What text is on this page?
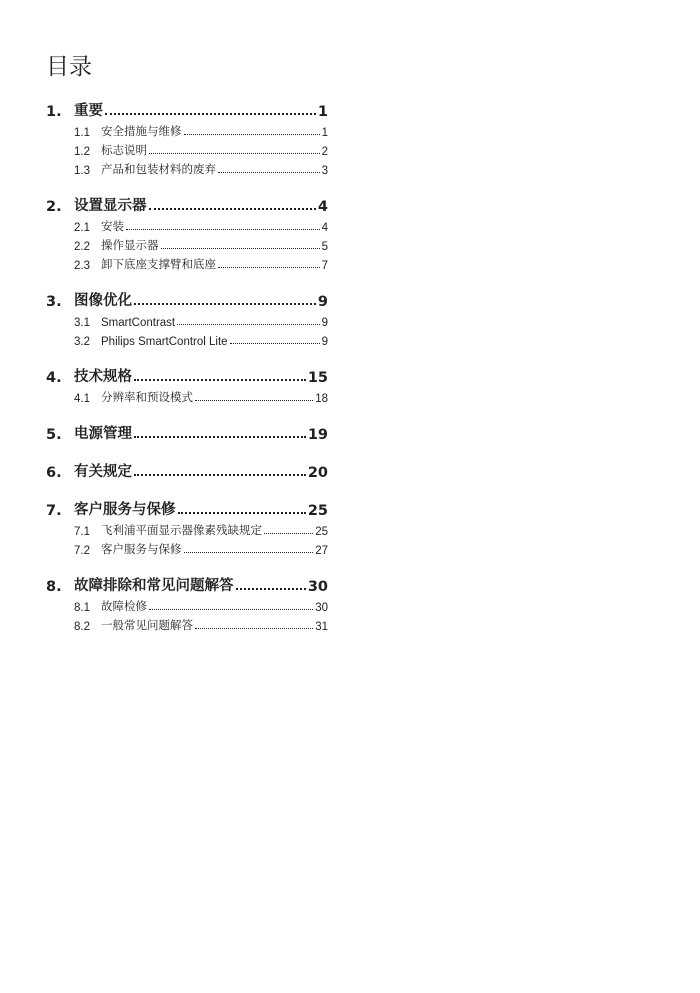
目录
1. 重要	1
1.1 安全措施与维修	1
1.2 标志说明	2
1.3 产品和包装材料的废弃	3
2. 设置显示器	4
2.1 安装	4
2.2 操作显示器	5
2.3 卸下底座支撑臂和底座	7
3. 图像优化	9
3.1 SmartContrast	9
3.2 Philips SmartControl Lite	9
4. 技术规格	15
4.1 分辨率和预设模式	18
5. 电源管理	19
6. 有关规定	20
7. 客户服务与保修	25
7.1 飞利浦平面显示器像素残缺规定	25
7.2 客户服务与保修	27
8. 故障排除和常见问题解答	30
8.1 故障检修	30
8.2 一般常见问题解答	31
